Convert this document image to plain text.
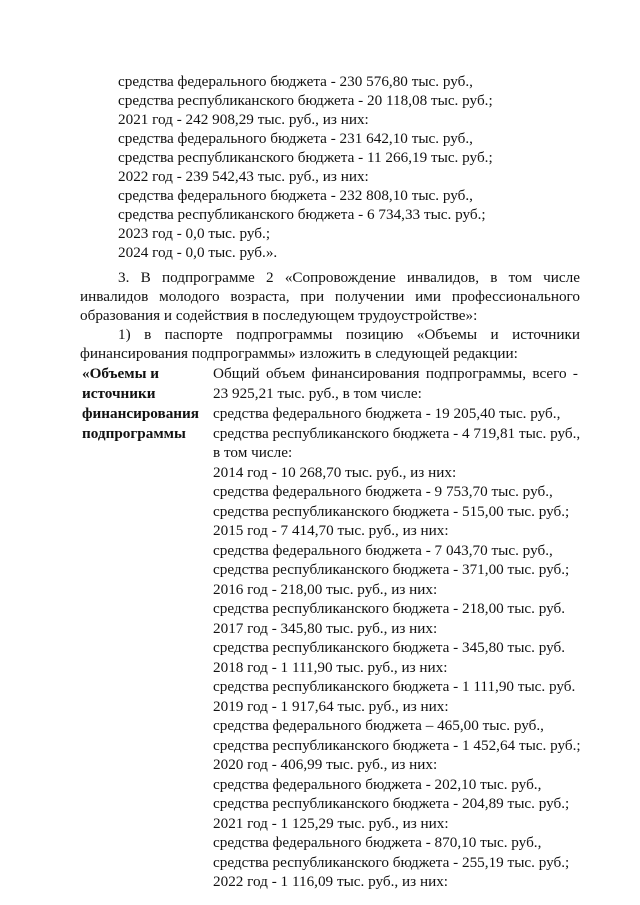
средства федерального бюджета - 230 576,80 тыс. руб.,
средства республиканского бюджета - 20 118,08 тыс. руб.;
2021 год - 242 908,29 тыс. руб., из них:
средства федерального бюджета - 231 642,10 тыс. руб.,
средства республиканского бюджета - 11 266,19 тыс. руб.;
2022 год - 239 542,43 тыс. руб., из них:
средства федерального бюджета - 232 808,10 тыс. руб.,
средства республиканского бюджета - 6 734,33 тыс. руб.;
2023 год - 0,0 тыс. руб.;
2024 год - 0,0 тыс. руб.».
3. В подпрограмме 2 «Сопровождение инвалидов, в том числе
инвалидов молодого возраста, при получении ими профессионального
образования и содействия в последующем трудоустройстве»:
1) в паспорте подпрограммы позицию «Объемы и источники
финансирования подпрограммы» изложить в следующей редакции:
«Объемы и
источники
финансирования
подпрограммы
Общий объем финансирования подпрограммы, всего -
23 925,21 тыс. руб., в том числе:
средства федерального бюджета - 19 205,40 тыс. руб.,
средства республиканского бюджета - 4 719,81 тыс. руб.,
в том числе:
2014 год - 10 268,70 тыс. руб., из них:
средства федерального бюджета - 9 753,70 тыс. руб.,
средства республиканского бюджета - 515,00 тыс. руб.;
2015 год - 7 414,70 тыс. руб., из них:
средства федерального бюджета - 7 043,70 тыс. руб.,
средства республиканского бюджета - 371,00 тыс. руб.;
2016 год - 218,00 тыс. руб., из них:
средства республиканского бюджета - 218,00 тыс. руб.
2017 год - 345,80 тыс. руб., из них:
средства республиканского бюджета - 345,80 тыс. руб.
2018 год - 1 111,90 тыс. руб., из них:
средства республиканского бюджета - 1 111,90 тыс. руб.
2019 год - 1 917,64 тыс. руб., из них:
средства федерального бюджета – 465,00 тыс. руб.,
средства республиканского бюджета - 1 452,64 тыс. руб.;
2020 год - 406,99 тыс. руб., из них:
средства федерального бюджета - 202,10 тыс. руб.,
средства республиканского бюджета - 204,89 тыс. руб.;
2021 год - 1 125,29 тыс. руб., из них:
средства федерального бюджета - 870,10 тыс. руб.,
средства республиканского бюджета - 255,19 тыс. руб.;
2022 год - 1 116,09 тыс. руб., из них:
